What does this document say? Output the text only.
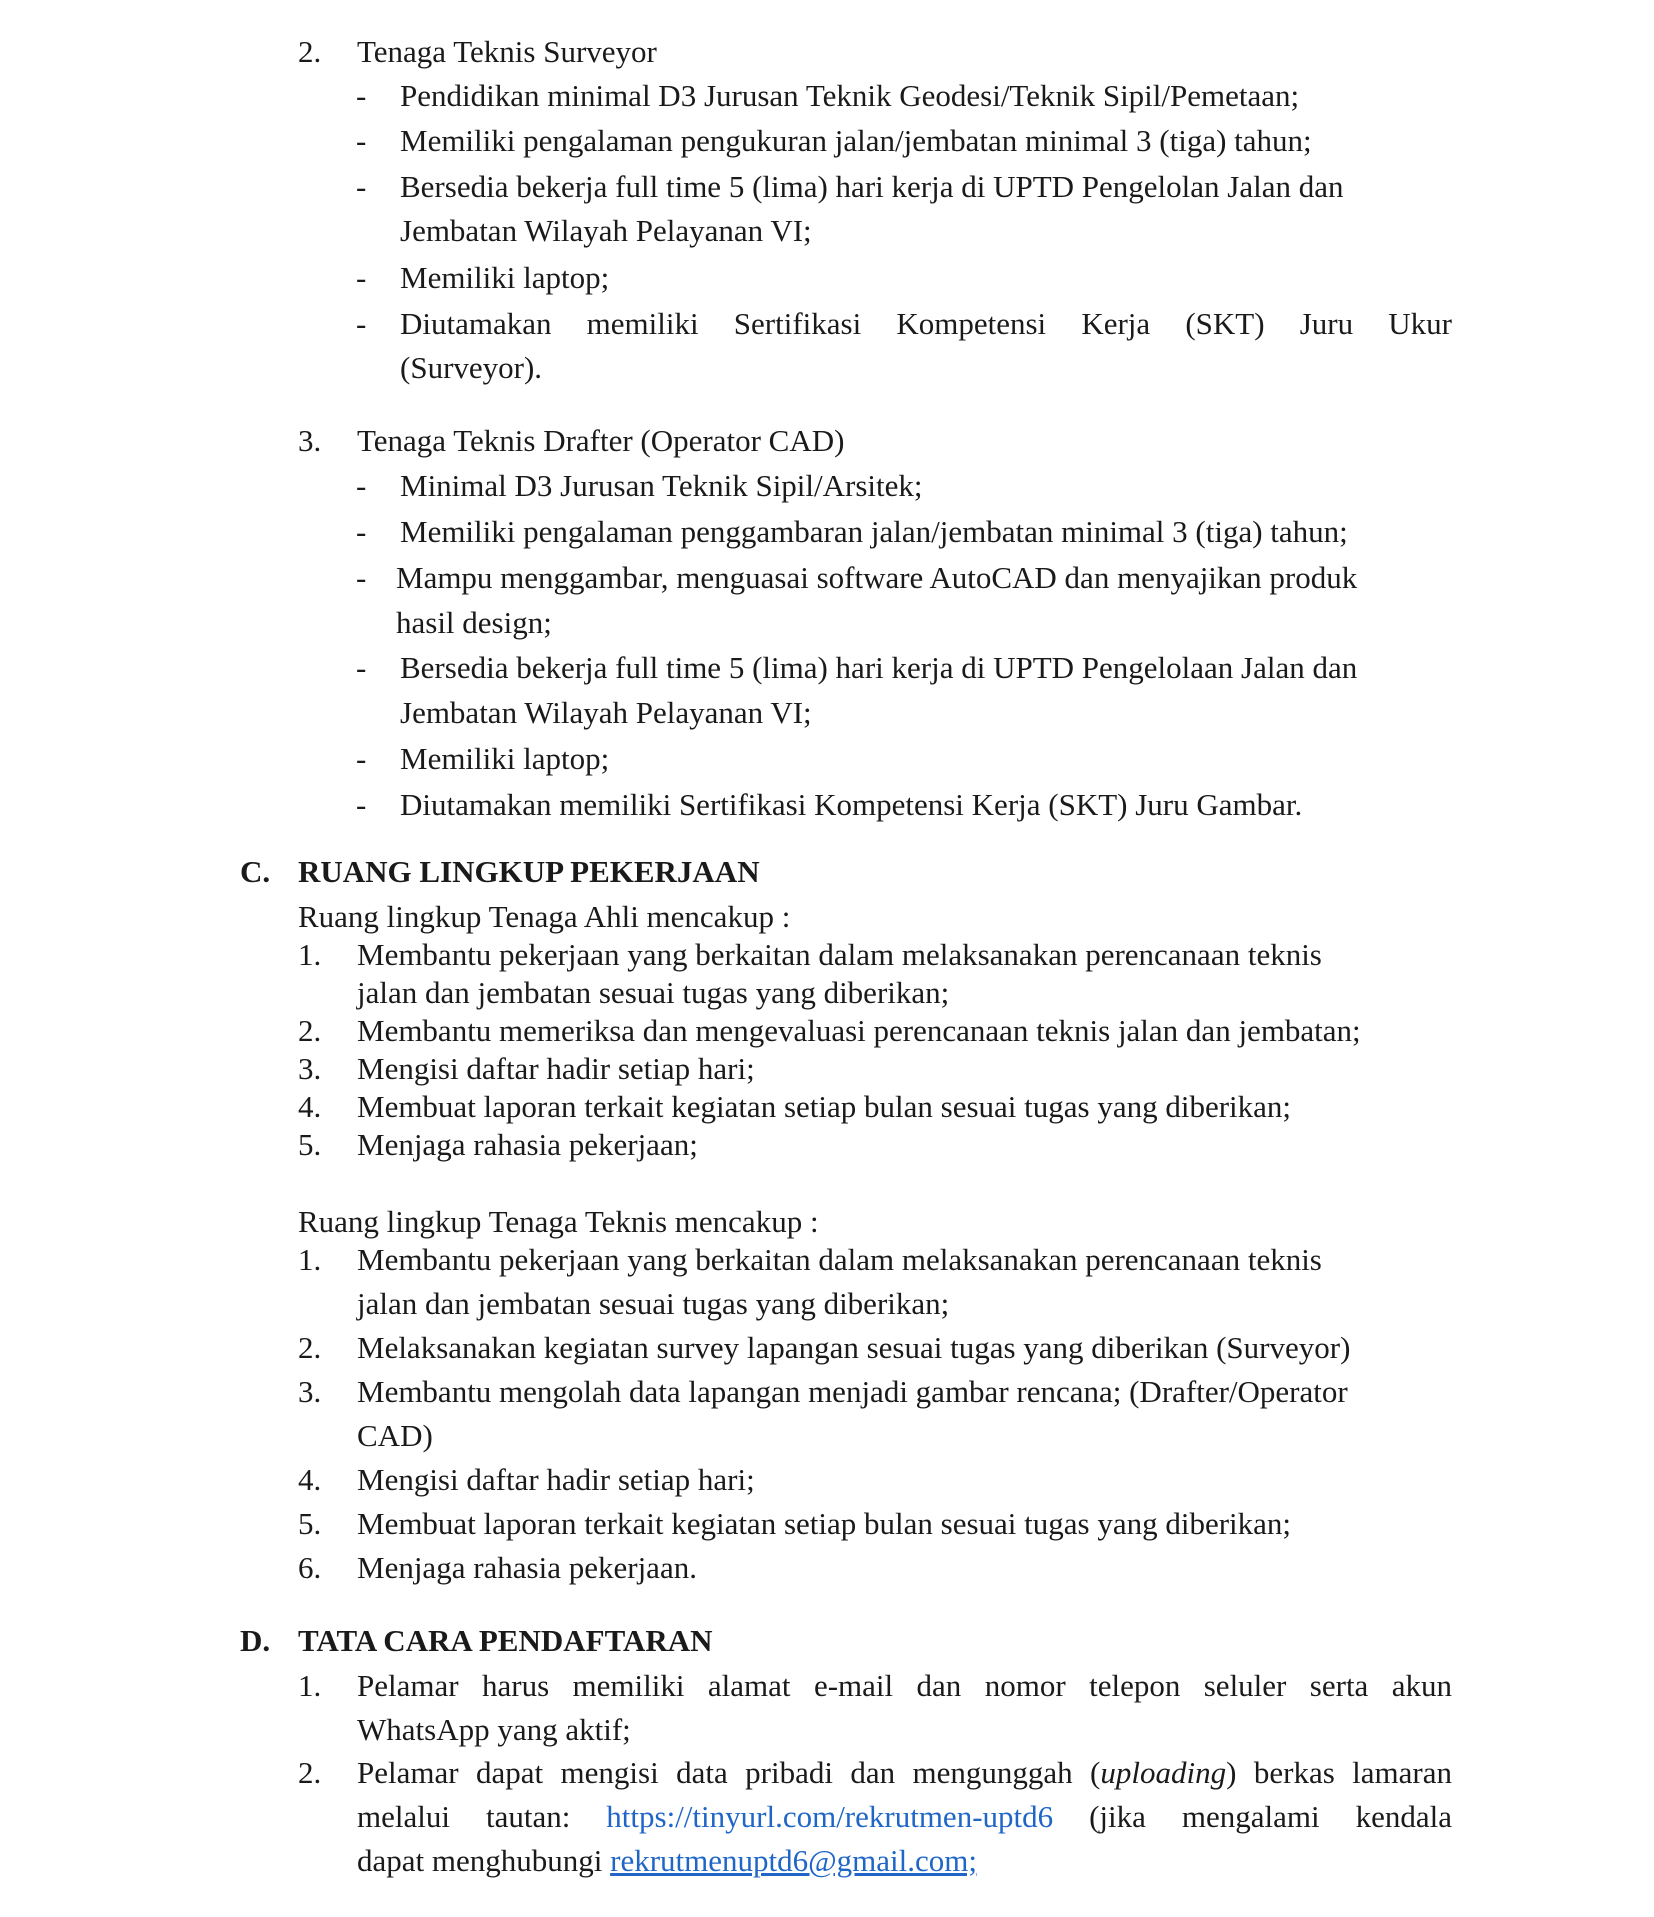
2. Tenaga Teknis Surveyor
- Pendidikan minimal D3 Jurusan Teknik Geodesi/Teknik Sipil/Pemetaan;
- Memiliki pengalaman pengukuran jalan/jembatan minimal 3 (tiga) tahun;
- Bersedia bekerja full time 5 (lima) hari kerja di UPTD Pengelolan Jalan dan
Jembatan Wilayah Pelayanan VI;
- Memiliki laptop;
- Diutamakan memiliki Sertifikasi Kompetensi Kerja (SKT) Juru Ukur
(Surveyor).
3. Tenaga Teknis Drafter (Operator CAD)
- Minimal D3 Jurusan Teknik Sipil/Arsitek;
- Memiliki pengalaman penggambaran jalan/jembatan minimal 3 (tiga) tahun;
- Mampu menggambar, menguasai software AutoCAD dan menyajikan produk
hasil design;
- Bersedia bekerja full time 5 (lima) hari kerja di UPTD Pengelolaan Jalan dan
Jembatan Wilayah Pelayanan VI;
- Memiliki laptop;
- Diutamakan memiliki Sertifikasi Kompetensi Kerja (SKT) Juru Gambar.
C. RUANG LINGKUP PEKERJAAN
Ruang lingkup Tenaga Ahli mencakup :
1. Membantu pekerjaan yang berkaitan dalam melaksanakan perencanaan teknis
jalan dan jembatan sesuai tugas yang diberikan;
2. Membantu memeriksa dan mengevaluasi perencanaan teknis jalan dan jembatan;
3. Mengisi daftar hadir setiap hari;
4. Membuat laporan terkait kegiatan setiap bulan sesuai tugas yang diberikan;
5. Menjaga rahasia pekerjaan;
Ruang lingkup Tenaga Teknis mencakup :
1. Membantu pekerjaan yang berkaitan dalam melaksanakan perencanaan teknis
jalan dan jembatan sesuai tugas yang diberikan;
2. Melaksanakan kegiatan survey lapangan sesuai tugas yang diberikan (Surveyor)
3. Membantu mengolah data lapangan menjadi gambar rencana; (Drafter/Operator
CAD)
4. Mengisi daftar hadir setiap hari;
5. Membuat laporan terkait kegiatan setiap bulan sesuai tugas yang diberikan;
6. Menjaga rahasia pekerjaan.
D. TATA CARA PENDAFTARAN
1. Pelamar harus memiliki alamat e-mail dan nomor telepon seluler serta akun
WhatsApp yang aktif;
2. Pelamar dapat mengisi data pribadi dan mengunggah (uploading) berkas lamaran
melalui tautan: https://tinyurl.com/rekrutmen-uptd6 (jika mengalami kendala
dapat menghubungi rekrutmenuptd6@gmail.com;
